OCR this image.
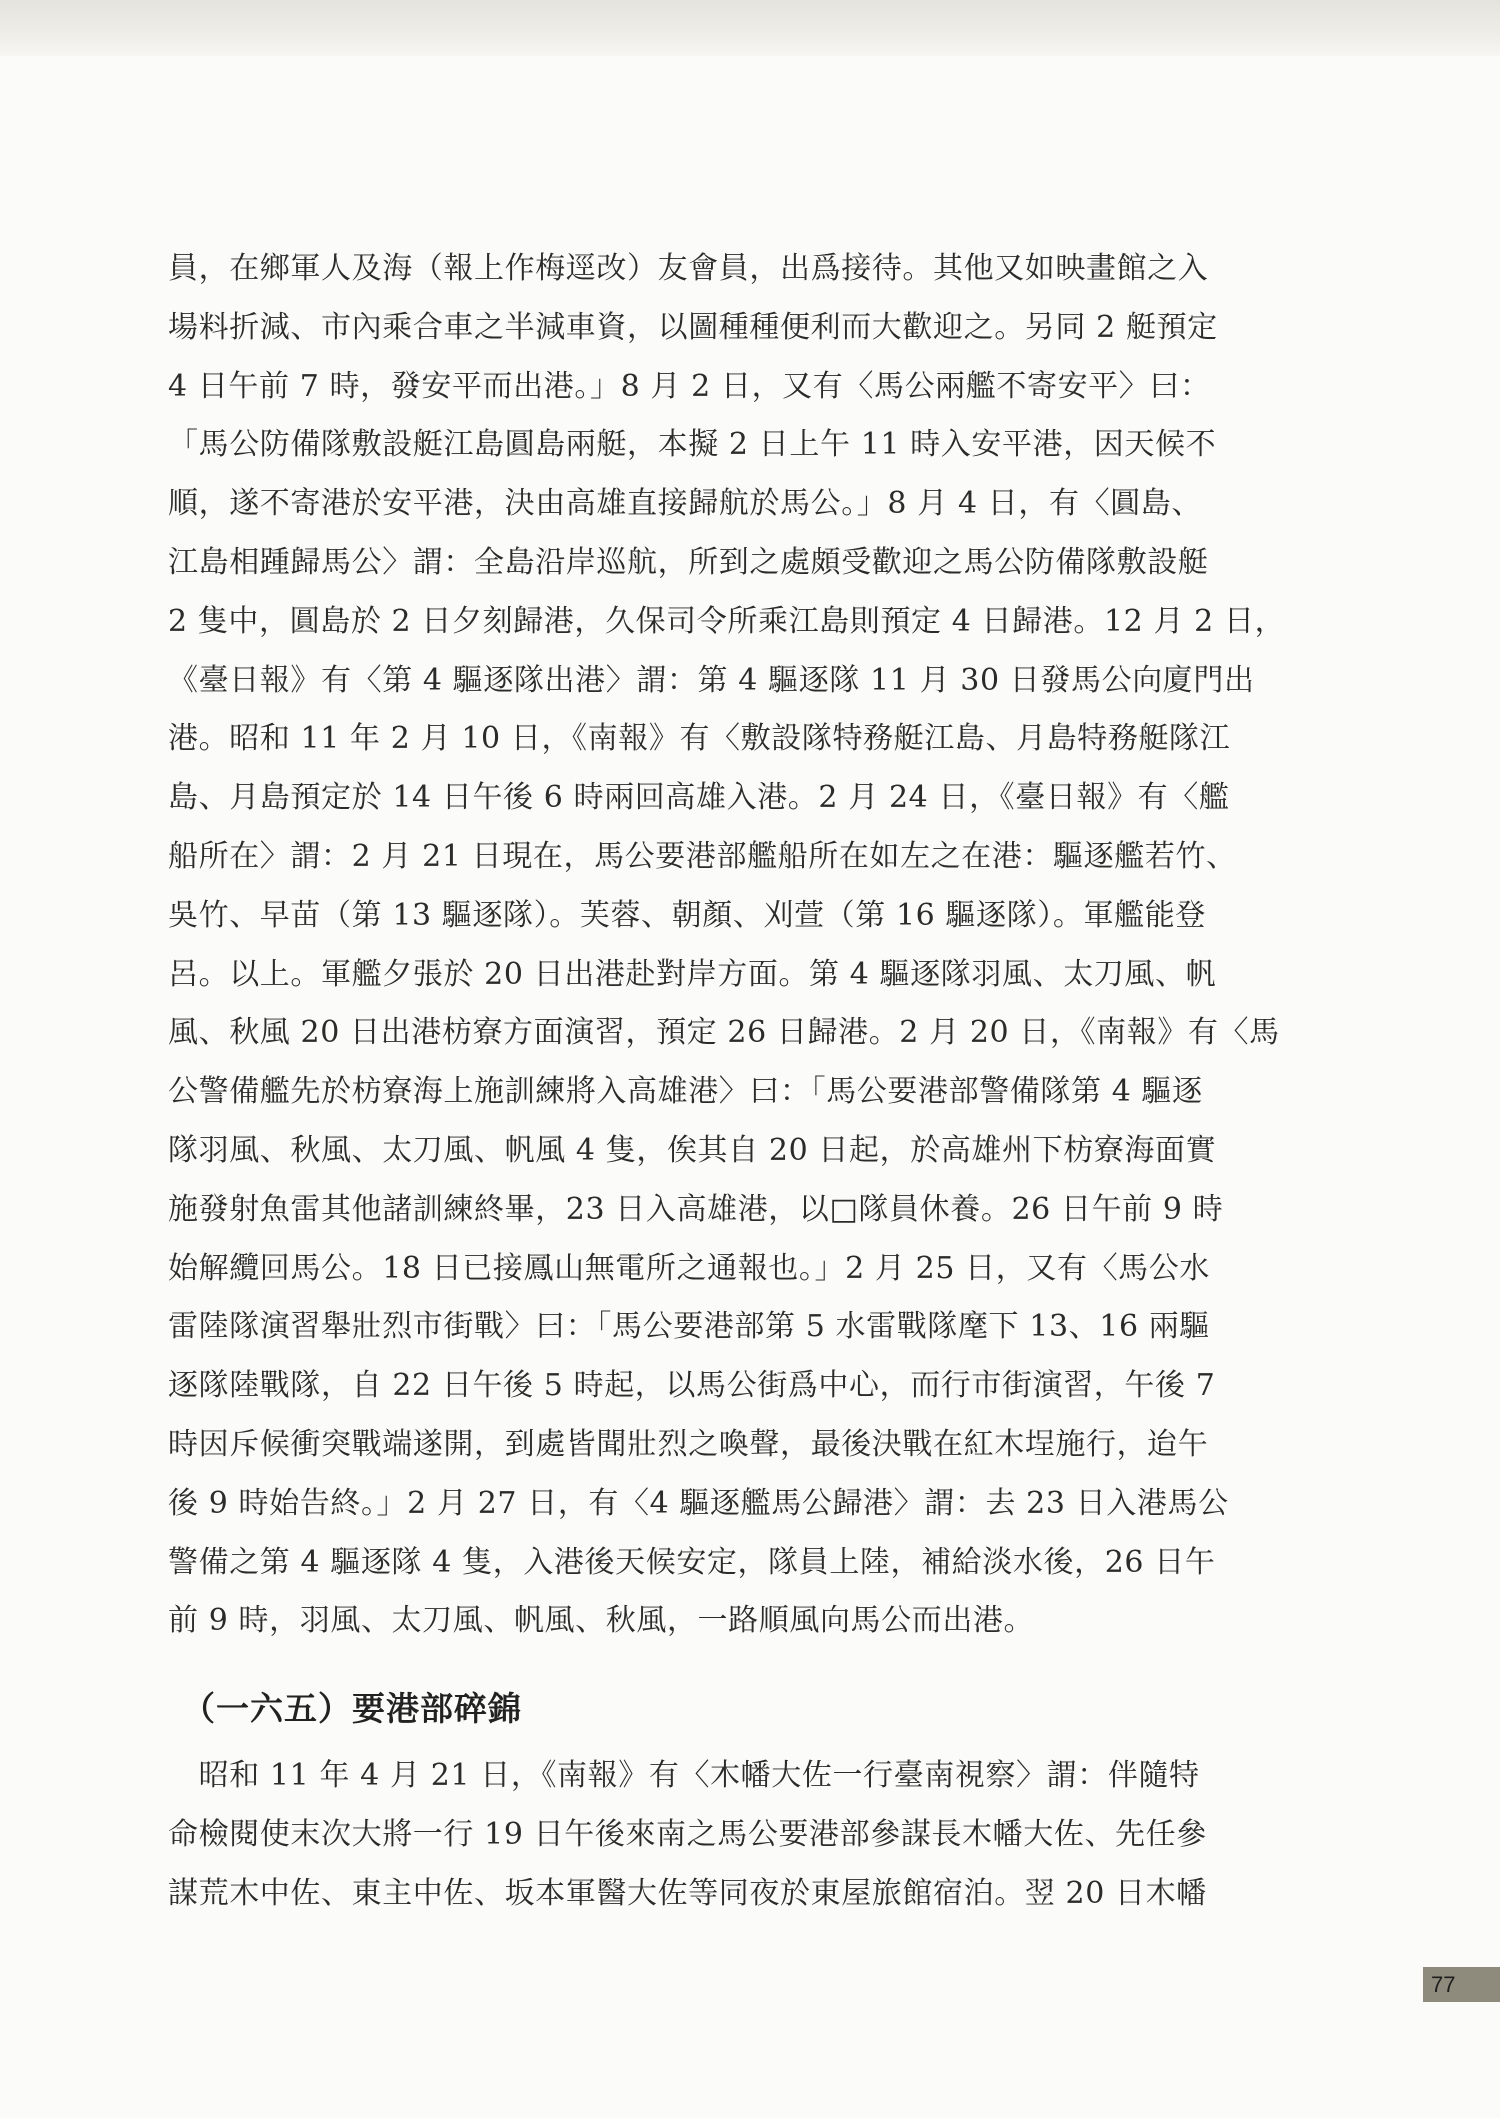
員，在鄉軍人及海（報上作梅逕改）友會員，出爲接待。其他又如映畫館之入
場料折減、市內乘合車之半減車資，以圖種種便利而大歡迎之。另同 2 艇預定
4 日午前 7 時，發安平而出港。」8 月 2 日，又有〈馬公兩艦不寄安平〉曰：
「馬公防備隊敷設艇江島圓島兩艇，本擬 2 日上午 11 時入安平港，因天候不
順，遂不寄港於安平港，決由高雄直接歸航於馬公。」8 月 4 日，有〈圓島、
江島相踵歸馬公〉謂：全島沿岸巡航，所到之處頗受歡迎之馬公防備隊敷設艇
2 隻中，圓島於 2 日夕刻歸港，久保司令所乘江島則預定 4 日歸港。12 月 2 日，
《臺日報》有〈第 4 驅逐隊出港〉謂：第 4 驅逐隊 11 月 30 日發馬公向廈門出
港。昭和 11 年 2 月 10 日，《南報》有〈敷設隊特務艇江島、月島特務艇隊江
島、月島預定於 14 日午後 6 時兩回高雄入港。2 月 24 日，《臺日報》有〈艦
船所在〉謂：2 月 21 日現在，馬公要港部艦船所在如左之在港：驅逐艦若竹、
吳竹、早苗（第 13 驅逐隊）。芙蓉、朝顏、刈萱（第 16 驅逐隊）。軍艦能登
呂。以上。軍艦夕張於 20 日出港赴對岸方面。第 4 驅逐隊羽風、太刀風、帆
風、秋風 20 日出港枋寮方面演習，預定 26 日歸港。2 月 20 日，《南報》有〈馬
公警備艦先於枋寮海上施訓練將入高雄港〉曰：「馬公要港部警備隊第 4 驅逐
隊羽風、秋風、太刀風、帆風 4 隻，俟其自 20 日起，於高雄州下枋寮海面實
施發射魚雷其他諸訓練終畢，23 日入高雄港，以□隊員休養。26 日午前 9 時
始解纜回馬公。18 日已接鳳山無電所之通報也。」2 月 25 日，又有〈馬公水
雷陸隊演習舉壯烈市街戰〉曰：「馬公要港部第 5 水雷戰隊麾下 13、16 兩驅
逐隊陸戰隊，自 22 日午後 5 時起，以馬公街爲中心，而行市街演習，午後 7
時因斥候衝突戰端遂開，到處皆聞壯烈之喚聲，最後決戰在紅木埕施行，迨午
後 9 時始告終。」2 月 27 日，有〈4 驅逐艦馬公歸港〉謂：去 23 日入港馬公
警備之第 4 驅逐隊 4 隻，入港後天候安定，隊員上陸，補給淡水後，26 日午
前 9 時，羽風、太刀風、帆風、秋風，一路順風向馬公而出港。
（一六五）要港部碎錦
　昭和 11 年 4 月 21 日，《南報》有〈木幡大佐一行臺南視察〉謂：伴隨特
命檢閱使末次大將一行 19 日午後來南之馬公要港部參謀長木幡大佐、先任參
謀荒木中佐、東主中佐、坂本軍醫大佐等同夜於東屋旅館宿泊。翌 20 日木幡
77
